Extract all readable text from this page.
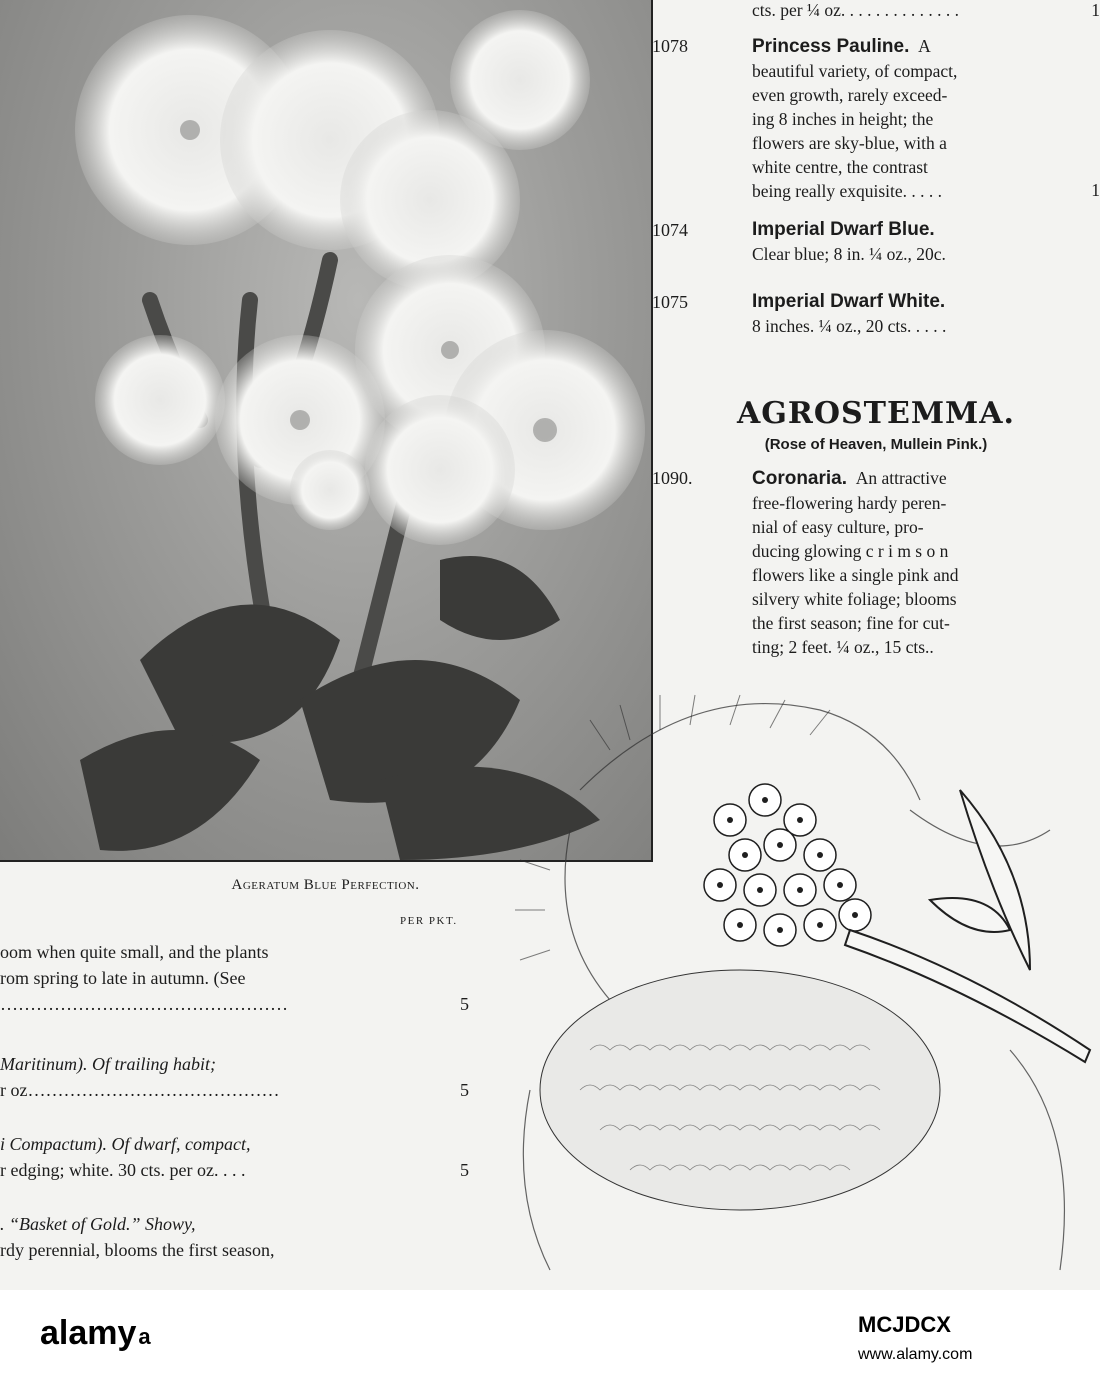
Ageratum Blue Perfection.
PER PKT.
oom when quite small, and the plants
rom spring to late in autumn. (See
…………………………………………	5
Maritinum). Of trailing habit;
r oz……………………………………	5
i Compactum). Of dwarf, compact,
r edging; white. 30 cts. per oz. . . .	5
. “Basket of Gold.” Showy,
rdy perennial, blooms the first season,
cts. per ¼ oz. . . . . . . . . . . . . .	1
1078	Princess Pauline. A
beautiful variety, of compact,
even growth, rarely exceed-
ing 8 inches in height; the
flowers are sky-blue, with a
white centre, the contrast
being really exquisite. . . . .	1
1074	Imperial Dwarf Blue.
Clear blue; 8 in. ¼ oz., 20c.
1075	Imperial Dwarf White.
8 inches. ¼ oz., 20 cts. . . . .
1090.	Coronaria. An attractive
free-flowering hardy peren-
nial of easy culture, pro-
ducing glowing c r i m s o n
flowers like a single pink and
silvery white foliage; blooms
the first season; fine for cut-
ting; 2 feet. ¼ oz., 15 cts..
AGROSTEMMA.
(Rose of Heaven, Mullein Pink.)
alamya	MCJDCX
www.alamy.com
